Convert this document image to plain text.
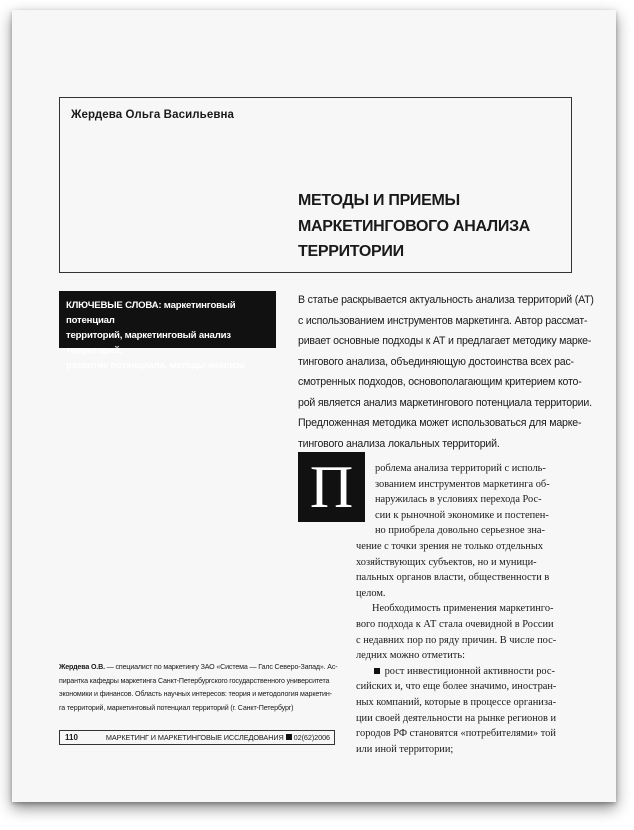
Жердева Ольга Васильевна
МЕТОДЫ И ПРИЕМЫ
МАРКЕТИНГОВОГО АНАЛИЗА
ТЕРРИТОРИИ
КЛЮЧЕВЫЕ СЛОВА: маркетинговый потенциал
территорий, маркетинговый анализ территорий,
развитие потенциала, методы анализа
В статье раскрывается актуальность анализа территорий (АТ)
с использованием инструментов маркетинга. Автор рассмат-
ривает основные подходы к АТ и предлагает методику марке-
тингового анализа, объединяющую достоинства всех рас-
смотренных подходов, основополагающим критерием кото-
рой является анализ маркетингового потенциала территории.
Предложенная методика может использоваться для марке-
тингового анализа локальных территорий.
П	роблема анализа территорий с исполь-
зованием инструментов маркетинга об-
наружилась в условиях перехода Рос-
сии к рыночной экономике и постепен-
но приобрела довольно серьезное зна-
чение с точки зрения не только отдельных
хозяйствующих субъектов, но и муници-
пальных органов власти, общественности в
целом.
Необходимость применения маркетинго-
вого подхода к АТ стала очевидной в России
с недавних пор по ряду причин. В числе пос-
ледних можно отметить:
рост инвестиционной активности рос-
сийских и, что еще более значимо, иностран-
ных компаний, которые в процессе организа-
ции своей деятельности на рынке регионов и
городов РФ становятся «потребителями» той
или иной территории;
Жердева О.В. — специалист по маркетингу ЗАО «Система — Галс Северо-Запад». Ас-
пирантка кафедры маркетинга Санкт-Петербургского государственного университета
экономики и финансов. Область научных интересов: теория и методология маркетин-
га территорий, маркетинговый потенциал территорий (г. Санкт-Петербург)
110	МАРКЕТИНГ И МАРКЕТИНГОВЫЕ ИССЛЕДОВАНИЯ 02(62)2006
